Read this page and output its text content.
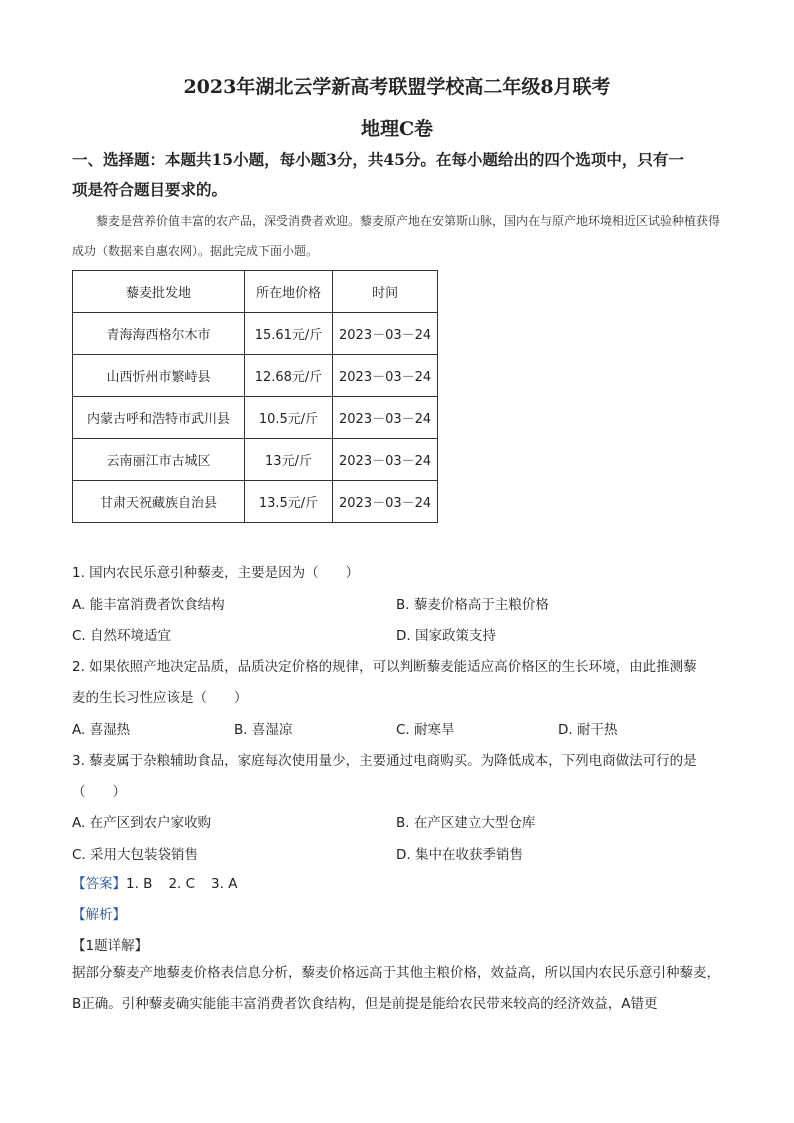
2023年湖北云学新高考联盟学校高二年级8月联考
地理C卷
一、选择题：本题共15小题，每小题3分，共45分。在每小题给出的四个选项中，只有一
项是符合题目要求的。
藜麦是营养价值丰富的农产品，深受消费者欢迎。藜麦原产地在安第斯山脉，国内在与原产地环境相近区试验种植获得成功（数据来自惠农网）。据此完成下面小题。
藜麦批发地	所在地价格	时间
青海海西格尔木市	15.61元/斤	2023－03－24
山西忻州市繁峙县	12.68元/斤	2023－03－24
内蒙古呼和浩特市武川县	10.5元/斤	2023－03－24
云南丽江市古城区	13元/斤	2023－03－24
甘肃天祝藏族自治县	13.5元/斤	2023－03－24
1. 国内农民乐意引种藜麦，主要是因为（　　）
A. 能丰富消费者饮食结构	B. 藜麦价格高于主粮价格
C. 自然环境适宜	D. 国家政策支持
2. 如果依照产地决定品质，品质决定价格的规律，可以判断藜麦能适应高价格区的生长环境，由此推测藜
麦的生长习性应该是（　　）
A. 喜湿热	B. 喜湿凉	C. 耐寒旱	D. 耐干热
3. 藜麦属于杂粮辅助食品，家庭每次使用量少，主要通过电商购买。为降低成本，下列电商做法可行的是
（　　）
A. 在产区到农户家收购	B. 在产区建立大型仓库
C. 采用大包装袋销售	D. 集中在收获季销售
【答案】1. B 2. C 3. A
【解析】
【1题详解】
据部分藜麦产地藜麦价格表信息分析，藜麦价格远高于其他主粮价格，效益高，所以国内农民乐意引种藜麦，B正确。引种藜麦确实能能丰富消费者饮食结构，但是前提是能给农民带来较高的经济效益，A错更
